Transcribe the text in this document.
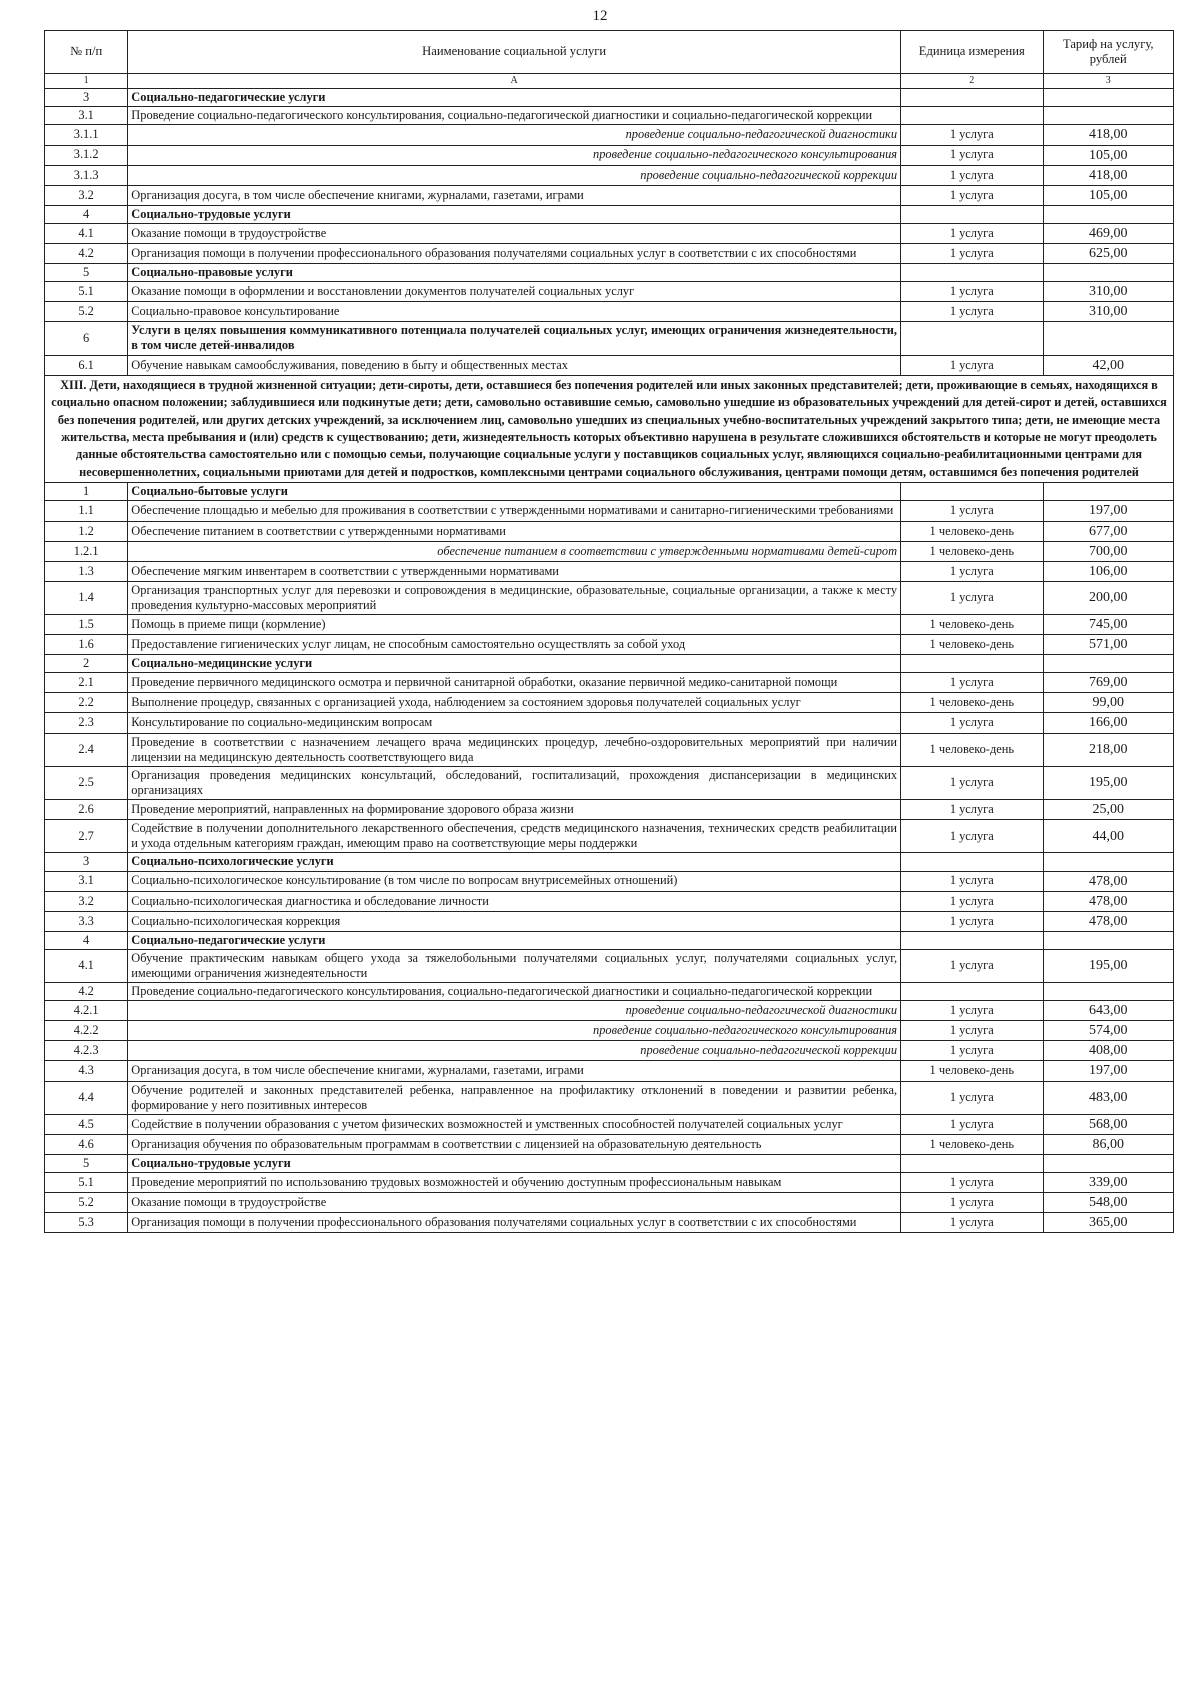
12
№ п/п	Наименование социальной услуги	Единица измерения	Тариф на услугу, рублей
1	А	2	3
3	Социально-педагогические услуги		
3.1	Проведение социально-педагогического консультирования, социально-педагогической диагностики и социально-педагогической коррекции		
3.1.1	проведение социально-педагогической диагностики	1 услуга	418,00
3.1.2	проведение социально-педагогического консультирования	1 услуга	105,00
3.1.3	проведение социально-педагогической коррекции	1 услуга	418,00
3.2	Организация досуга, в том числе обеспечение книгами, журналами, газетами, играми	1 услуга	105,00
4	Социально-трудовые услуги		
4.1	Оказание помощи в трудоустройстве	1 услуга	469,00
4.2	Организация помощи в получении профессионального образования получателями социальных услуг в соответствии с их способностями	1 услуга	625,00
5	Социально-правовые услуги		
5.1	Оказание помощи в оформлении и восстановлении документов получателей социальных услуг	1 услуга	310,00
5.2	Социально-правовое консультирование	1 услуга	310,00
6	Услуги в целях повышения коммуникативного потенциала получателей социальных услуг, имеющих ограничения жизнедеятельности, в том числе детей-инвалидов		
6.1	Обучение навыкам самообслуживания, поведению в быту и общественных местах	1 услуга	42,00
XIII. Дети, находящиеся в трудной жизненной ситуации; дети-сироты, дети, оставшиеся без попечения родителей или иных законных представителей; дети, проживающие в семьях, находящихся в социально опасном положении; заблудившиеся или подкинутые дети; дети, самовольно оставившие семью, самовольно ушедшие из образовательных учреждений для детей-сирот и детей, оставшихся без попечения родителей, или других детских учреждений, за исключением лиц, самовольно ушедших из специальных учебно-воспитательных учреждений закрытого типа; дети, не имеющие места жительства, места пребывания и (или) средств к существованию; дети, жизнедеятельность которых объективно нарушена в результате сложившихся обстоятельств и которые не могут преодолеть данные обстоятельства самостоятельно или с помощью семьи, получающие социальные услуги у поставщиков социальных услуг, являющихся социально-реабилитационными центрами для несовершеннолетних, социальными приютами для детей и подростков, комплексными центрами социального обслуживания, центрами помощи детям, оставшимся без попечения родителей			
1	Социально-бытовые услуги		
1.1	Обеспечение площадью и мебелью для проживания в соответствии с утвержденными нормативами и санитарно-гигиеническими требованиями	1 услуга	197,00
1.2	Обеспечение питанием в соответствии с утвержденными нормативами	1 человеко-день	677,00
1.2.1	обеспечение питанием в соответствии с утвержденными нормативами детей-сирот	1 человеко-день	700,00
1.3	Обеспечение мягким инвентарем в соответствии с утвержденными нормативами	1 услуга	106,00
1.4	Организация транспортных услуг для перевозки и сопровождения в медицинские, образовательные, социальные организации, а также к месту проведения культурно-массовых мероприятий	1 услуга	200,00
1.5	Помощь в приеме пищи (кормление)	1 человеко-день	745,00
1.6	Предоставление гигиенических услуг лицам, не способным самостоятельно осуществлять за собой уход	1 человеко-день	571,00
2	Социально-медицинские услуги		
2.1	Проведение первичного медицинского осмотра и первичной санитарной обработки, оказание первичной медико-санитарной помощи	1 услуга	769,00
2.2	Выполнение процедур, связанных с организацией ухода, наблюдением за состоянием здоровья получателей социальных услуг	1 человеко-день	99,00
2.3	Консультирование по социально-медицинским вопросам	1 услуга	166,00
2.4	Проведение в соответствии с назначением лечащего врача медицинских процедур, лечебно-оздоровительных мероприятий при наличии лицензии на медицинскую деятельность соответствующего вида	1 человеко-день	218,00
2.5	Организация проведения медицинских консультаций, обследований, госпитализаций, прохождения диспансеризации в медицинских организациях	1 услуга	195,00
2.6	Проведение мероприятий, направленных на формирование здорового образа жизни	1 услуга	25,00
2.7	Содействие в получении дополнительного лекарственного обеспечения, средств медицинского назначения, технических средств реабилитации и ухода отдельным категориям граждан, имеющим право на соответствующие меры поддержки	1 услуга	44,00
3	Социально-психологические услуги		
3.1	Социально-психологическое консультирование (в том числе по вопросам внутрисемейных отношений)	1 услуга	478,00
3.2	Социально-психологическая диагностика и обследование личности	1 услуга	478,00
3.3	Социально-психологическая коррекция	1 услуга	478,00
4	Социально-педагогические услуги		
4.1	Обучение практическим навыкам общего ухода за тяжелобольными получателями социальных услуг, получателями социальных услуг, имеющими ограничения жизнедеятельности	1 услуга	195,00
4.2	Проведение социально-педагогического консультирования, социально-педагогической диагностики и социально-педагогической коррекции		
4.2.1	проведение социально-педагогической диагностики	1 услуга	643,00
4.2.2	проведение социально-педагогического консультирования	1 услуга	574,00
4.2.3	проведение социально-педагогической коррекции	1 услуга	408,00
4.3	Организация досуга, в том числе обеспечение книгами, журналами, газетами, играми	1 человеко-день	197,00
4.4	Обучение родителей и законных представителей ребенка, направленное на профилактику отклонений в поведении и развитии ребенка, формирование у него позитивных интересов	1 услуга	483,00
4.5	Содействие в получении образования с учетом физических возможностей и умственных способностей получателей социальных услуг	1 услуга	568,00
4.6	Организация обучения по образовательным программам в соответствии с лицензией на образовательную деятельность	1 человеко-день	86,00
5	Социально-трудовые услуги		
5.1	Проведение мероприятий по использованию трудовых возможностей и обучению доступным профессиональным навыкам	1 услуга	339,00
5.2	Оказание помощи в трудоустройстве	1 услуга	548,00
5.3	Организация помощи в получении профессионального образования получателями социальных услуг в соответствии с их способностями	1 услуга	365,00
